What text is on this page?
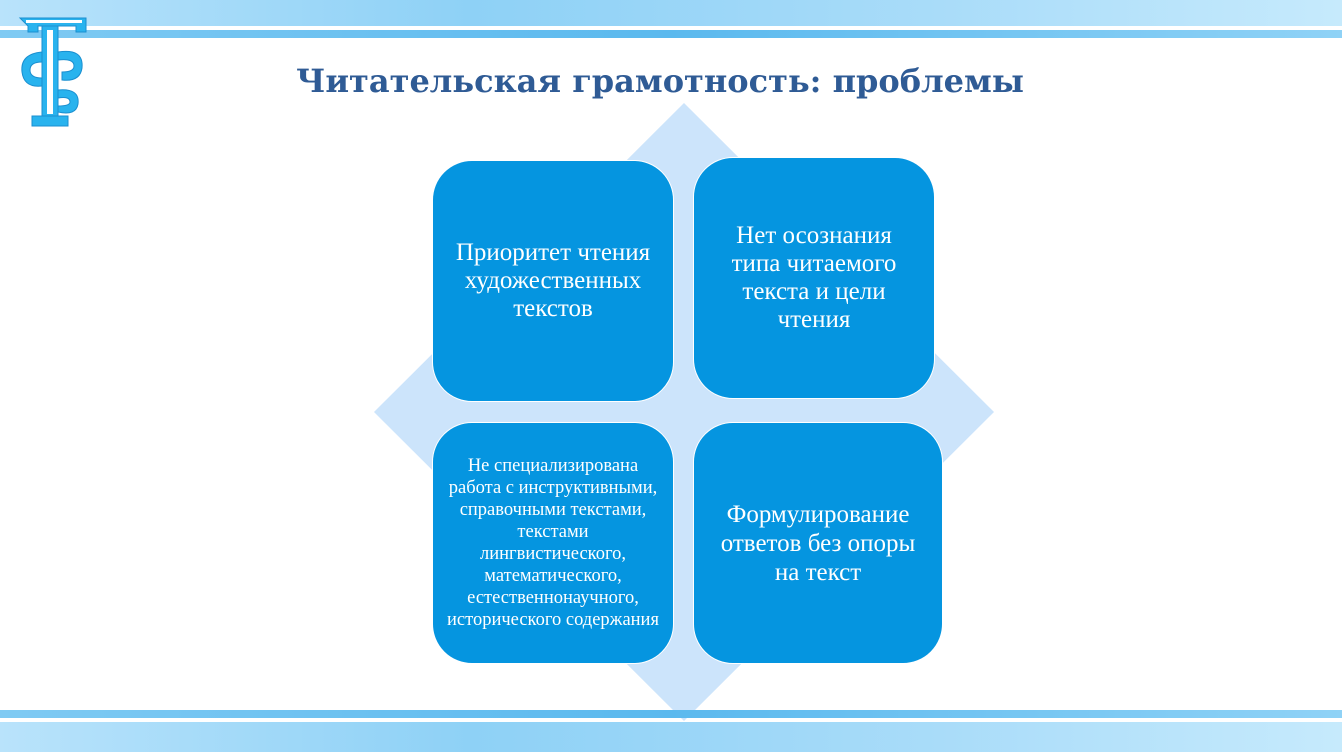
Читательская грамотность: проблемы
Приоритет чтения художественных текстов
Нет осознания типа читаемого текста и цели чтения
Не специализирована работа с инструктивными, справочными текстами, текстами лингвистического, математического, естественнонаучного, исторического содержания
Формулирование ответов без опоры на текст
